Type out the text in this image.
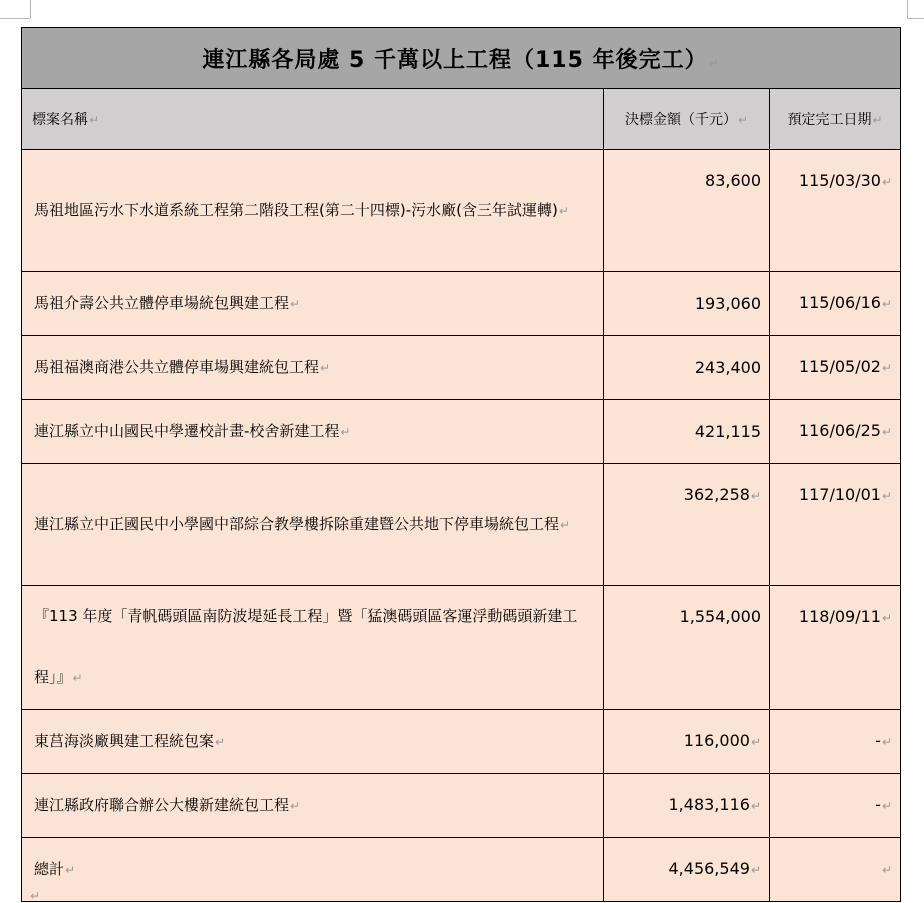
連江縣各局處 5 千萬以上工程（115 年後完工）↵		
標案名稱↵	決標金額（千元）↵	預定完工日期↵
馬祖地區污水下水道系統工程第二階段工程(第二十四標)-污水廠(含三年試運轉)↵	83,600	115/03/30↵
馬祖介壽公共立體停車場統包興建工程↵	193,060	115/06/16↵
馬祖福澳商港公共立體停車場興建統包工程↵	243,400	115/05/02↵
連江縣立中山國民中學遷校計畫-校舍新建工程↵	421,115	116/06/25↵
連江縣立中正國民中小學國中部綜合教學樓拆除重建暨公共地下停車場統包工程↵	362,258↵	117/10/01↵
『113 年度「青帆碼頭區南防波堤延長工程」暨「猛澳碼頭區客運浮動碼頭新建工程」』↵	1,554,000	118/09/11↵
東莒海淡廠興建工程統包案↵	116,000↵	-↵
連江縣政府聯合辦公大樓新建統包工程↵	1,483,116↵	-↵
總計↵	4,456,549↵	↵
↵
